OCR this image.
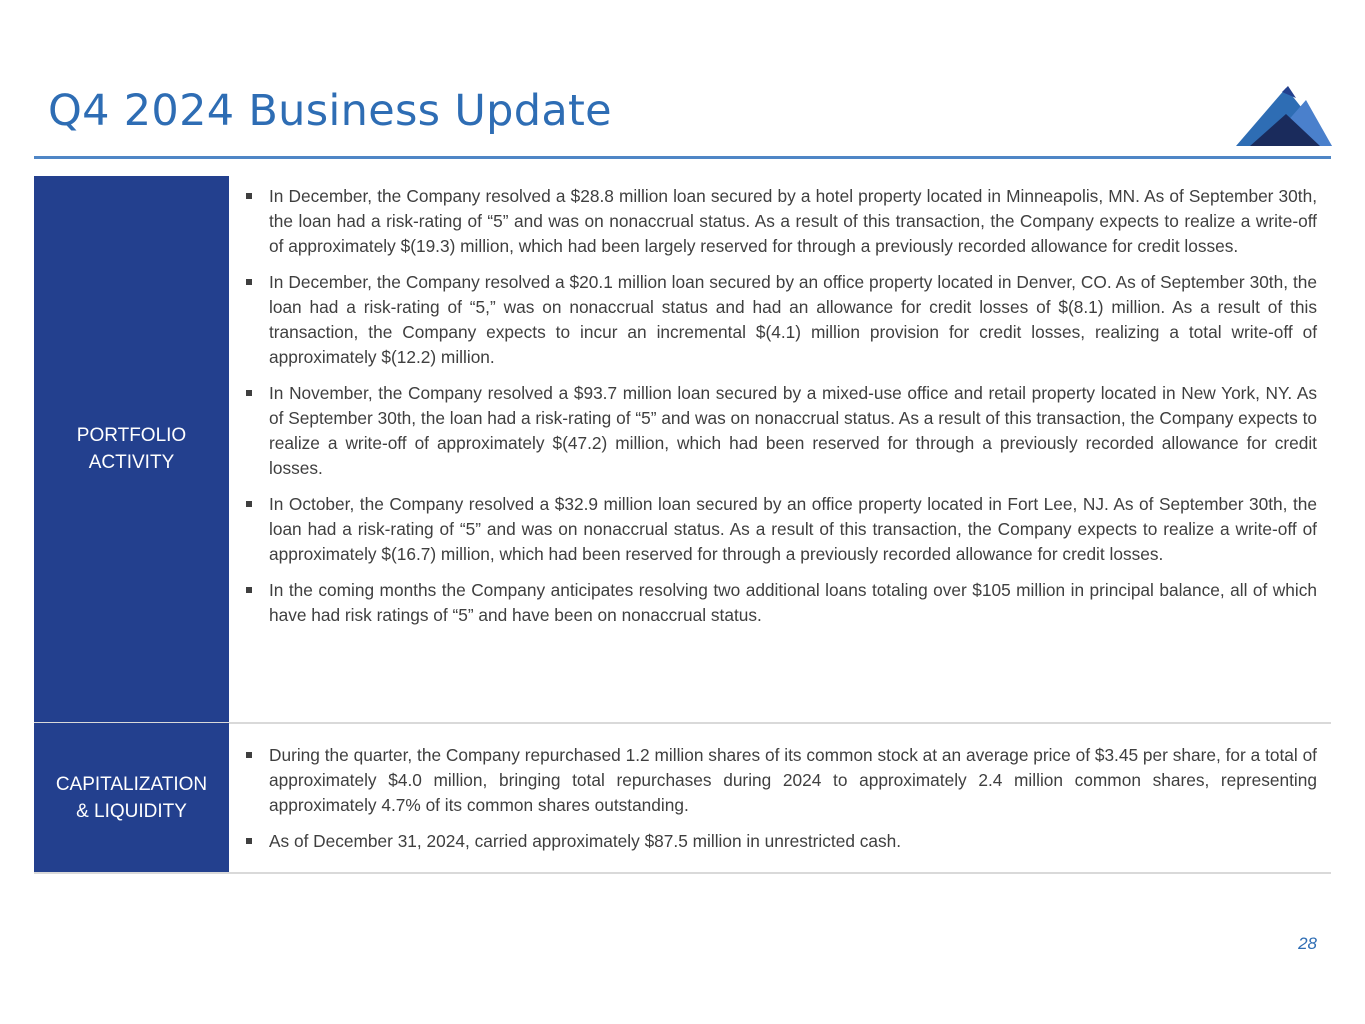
Q4 2024 Business Update
PORTFOLIO
ACTIVITY
In December, the Company resolved a $28.8 million loan secured by a hotel property located in Minneapolis, MN. As of September 30th, the loan had a risk-rating of “5” and was on nonaccrual status. As a result of this transaction, the Company expects to realize a write-off of approximately $(19.3) million, which had been largely reserved for through a previously recorded allowance for credit losses.
In December, the Company resolved a $20.1 million loan secured by an office property located in Denver, CO. As of September 30th, the loan had a risk-rating of “5,” was on nonaccrual status and had an allowance for credit losses of $(8.1) million. As a result of this transaction, the Company expects to incur an incremental $(4.1) million provision for credit losses, realizing a total write-off of approximately $(12.2) million.
In November, the Company resolved a $93.7 million loan secured by a mixed-use office and retail property located in New York, NY. As of September 30th, the loan had a risk-rating of “5” and was on nonaccrual status. As a result of this transaction, the Company expects to realize a write-off of approximately $(47.2) million, which had been reserved for through a previously recorded allowance for credit losses.
In October, the Company resolved a $32.9 million loan secured by an office property located in Fort Lee, NJ. As of September 30th, the loan had a risk-rating of “5” and was on nonaccrual status. As a result of this transaction, the Company expects to realize a write-off of approximately $(16.7) million, which had been reserved for through a previously recorded allowance for credit losses.
In the coming months the Company anticipates resolving two additional loans totaling over $105 million in principal balance, all of which have had risk ratings of “5” and have been on nonaccrual status.
CAPITALIZATION
& LIQUIDITY
During the quarter, the Company repurchased 1.2 million shares of its common stock at an average price of $3.45 per share, for a total of approximately $4.0 million, bringing total repurchases during 2024 to approximately 2.4 million common shares, representing approximately 4.7% of its common shares outstanding.
As of December 31, 2024, carried approximately $87.5 million in unrestricted cash.
28
